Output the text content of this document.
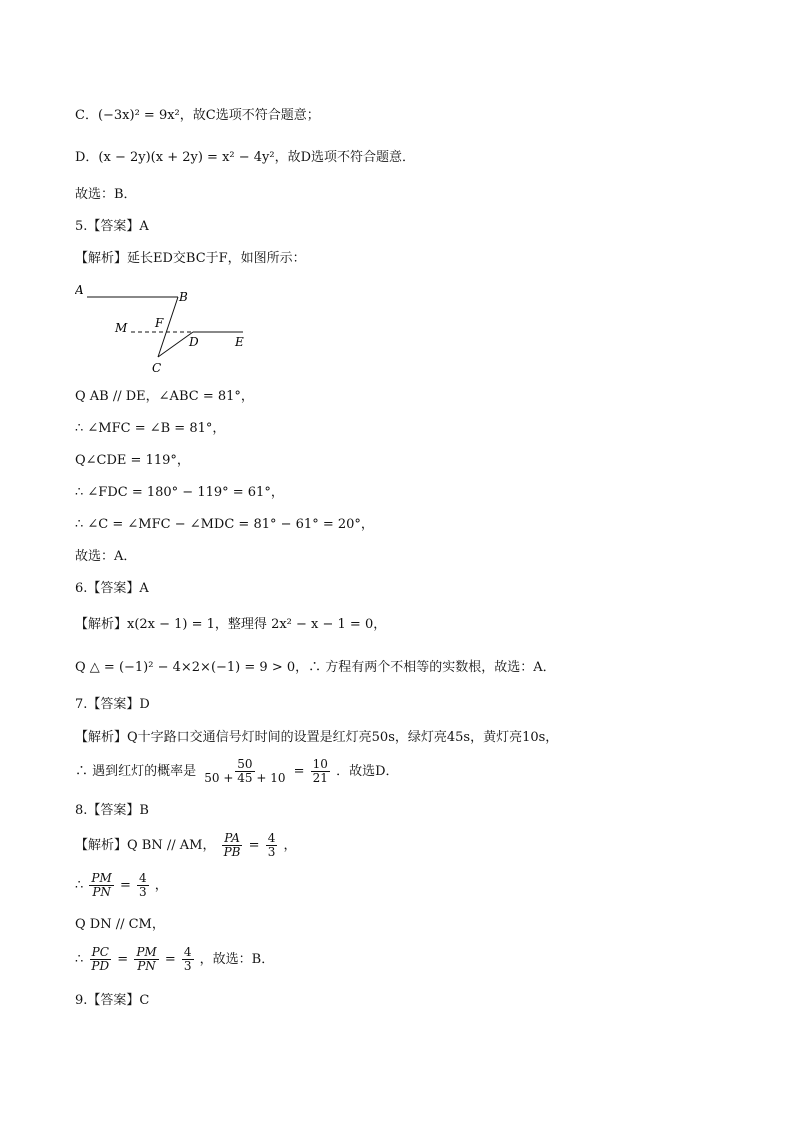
C．(−3x)² = 9x²，故C选项不符合题意；
D．(x − 2y)(x + 2y) = x² − 4y²，故D选项不符合题意．
故选：B．
5.【答案】A
【解析】延长ED交BC于F，如图所示：
A	B
M F
D	E
C
Q AB // DE，∠ABC = 81°，
∴ ∠MFC = ∠B = 81°，
Q∠CDE = 119°，
∴ ∠FDC = 180° − 119° = 61°，
∴ ∠C = ∠MFC − ∠MDC = 81° − 61° = 20°，
故选：A．
6.【答案】A
【解析】x(2x − 1) = 1，整理得 2x² − x − 1 = 0，
Q △ = (−1)² − 4×2×(−1) = 9 > 0，∴ 方程有两个不相等的实数根，故选：A．
7.【答案】D
【解析】Q十字路口交通信号灯时间的设置是红灯亮50s，绿灯亮45s，黄灯亮10s，
∴ 遇到红灯的概率是 $\frac{50}{50 + 45 + 10} = \frac{10}{21}$ ．故选D．
8.【答案】B
【解析】Q BN // AM， $\frac{PA}{PB} = \frac{4}{3}$ ，
∴ $\frac{PM}{PN} = \frac{4}{3}$ ，
Q DN // CM，
∴ $\frac{PC}{PD} = \frac{PM}{PN} = \frac{4}{3}$ ，故选：B．
9.【答案】C
